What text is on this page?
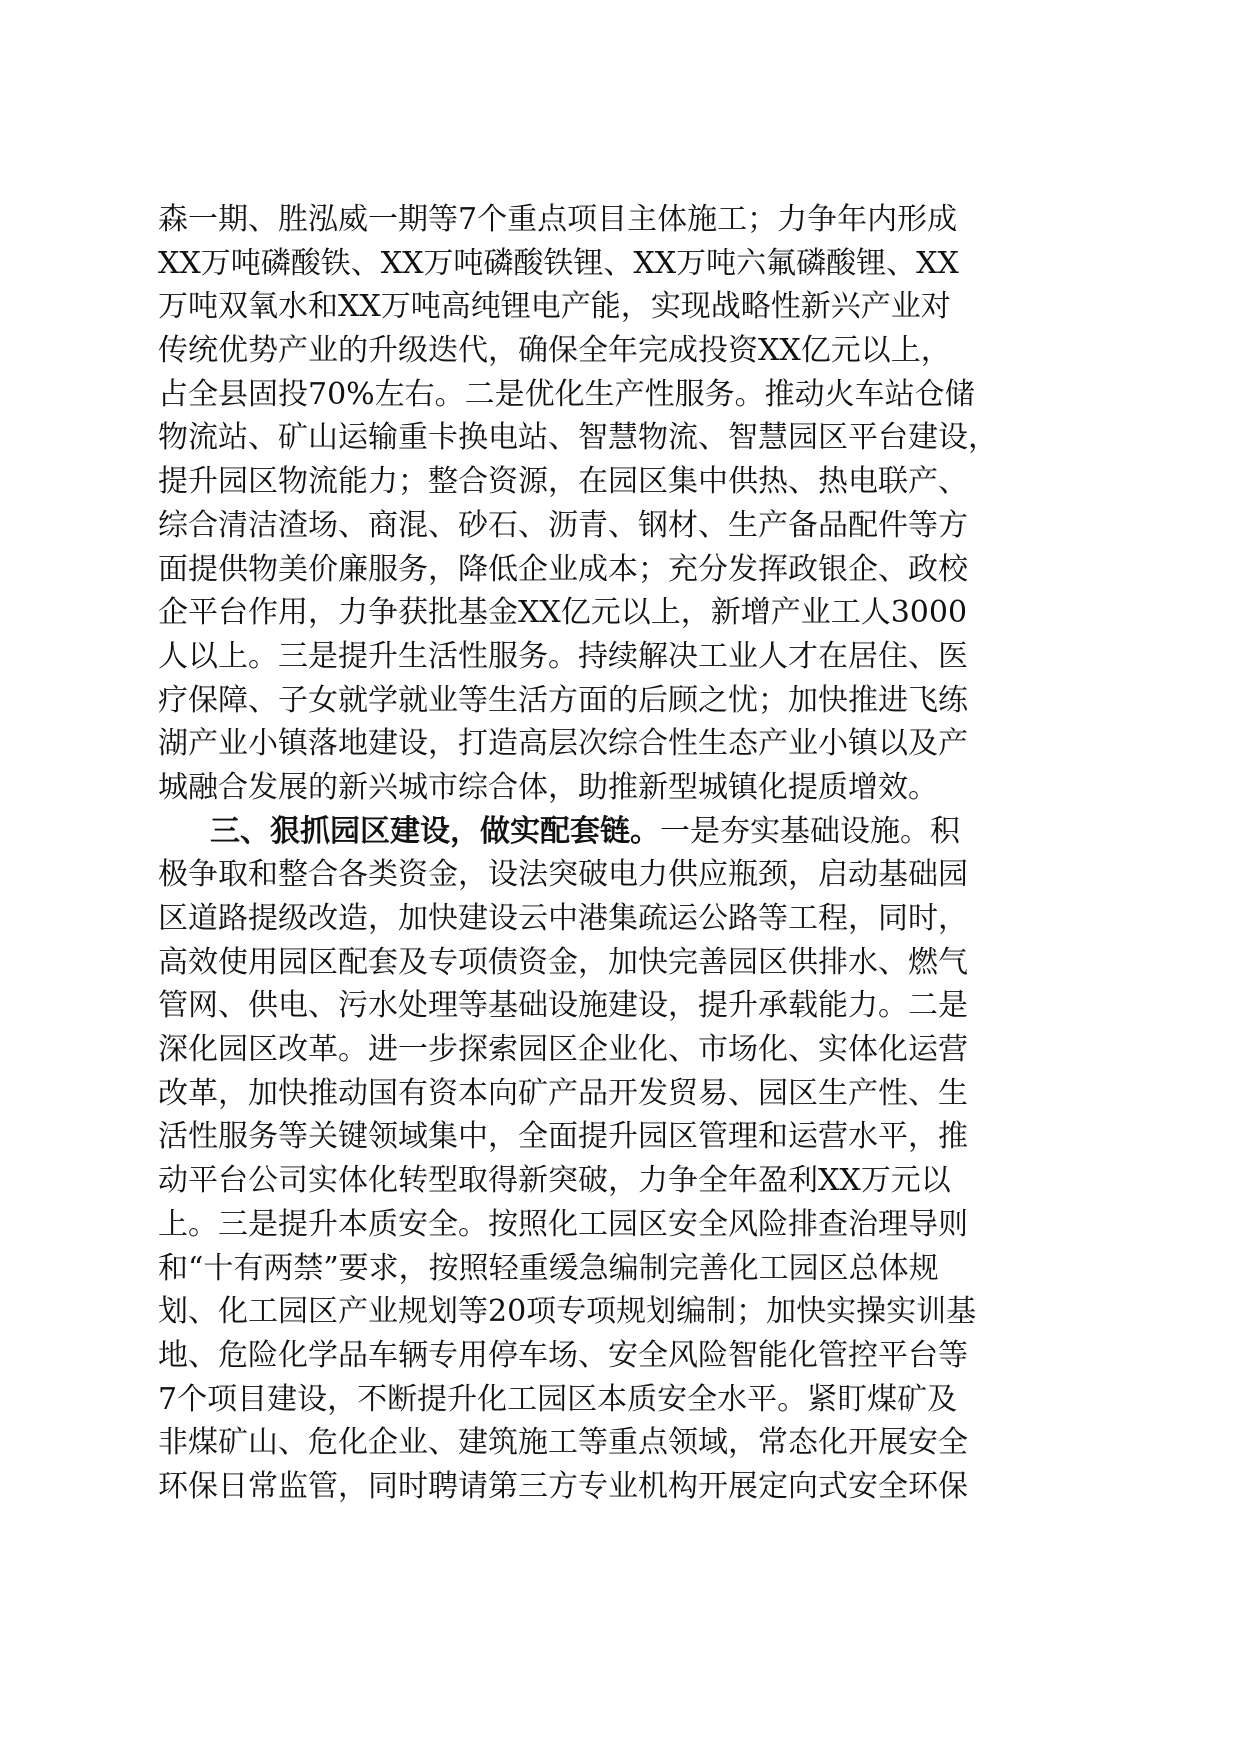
森一期、胜泓威一期等7个重点项目主体施工；力争年内形成
XX万吨磷酸铁、XX万吨磷酸铁锂、XX万吨六氟磷酸锂、XX
万吨双氧水和XX万吨高纯锂电产能，实现战略性新兴产业对
传统优势产业的升级迭代，确保全年完成投资XX亿元以上，
占全县固投70%左右。二是优化生产性服务。推动火车站仓储
物流站、矿山运输重卡换电站、智慧物流、智慧园区平台建设，
提升园区物流能力；整合资源，在园区集中供热、热电联产、
综合清洁渣场、商混、砂石、沥青、钢材、生产备品配件等方
面提供物美价廉服务，降低企业成本；充分发挥政银企、政校
企平台作用，力争获批基金XX亿元以上，新增产业工人3000
人以上。三是提升生活性服务。持续解决工业人才在居住、医
疗保障、子女就学就业等生活方面的后顾之忧；加快推进飞练
湖产业小镇落地建设，打造高层次综合性生态产业小镇以及产
城融合发展的新兴城市综合体，助推新型城镇化提质增效。
三、狠抓园区建设，做实配套链。一是夯实基础设施。积
极争取和整合各类资金，设法突破电力供应瓶颈，启动基础园
区道路提级改造，加快建设云中港集疏运公路等工程，同时，
高效使用园区配套及专项债资金，加快完善园区供排水、燃气
管网、供电、污水处理等基础设施建设，提升承载能力。二是
深化园区改革。进一步探索园区企业化、市场化、实体化运营
改革，加快推动国有资本向矿产品开发贸易、园区生产性、生
活性服务等关键领域集中，全面提升园区管理和运营水平，推
动平台公司实体化转型取得新突破，力争全年盈利XX万元以
上。三是提升本质安全。按照化工园区安全风险排查治理导则
和“十有两禁”要求，按照轻重缓急编制完善化工园区总体规
划、化工园区产业规划等20项专项规划编制；加快实操实训基
地、危险化学品车辆专用停车场、安全风险智能化管控平台等
7个项目建设，不断提升化工园区本质安全水平。紧盯煤矿及
非煤矿山、危化企业、建筑施工等重点领域，常态化开展安全
环保日常监管，同时聘请第三方专业机构开展定向式安全环保
